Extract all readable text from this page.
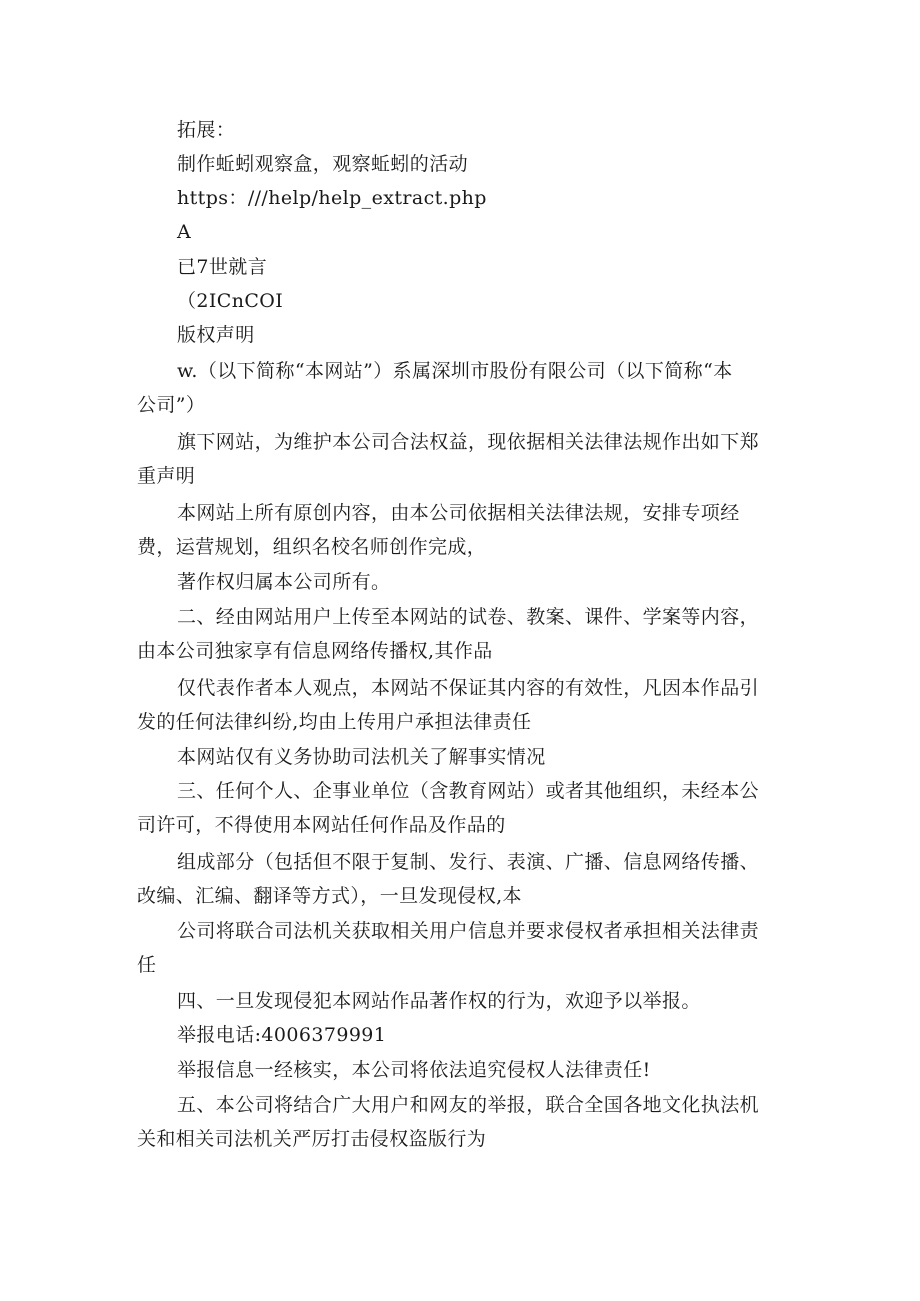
拓展：
制作蚯蚓观察盒，观察蚯蚓的活动
https：///help/help_extract.php
A
已7世就言
（2ICnCOI
版权声明
w.（以下简称“本网站”）系属深圳市股份有限公司（以下简称“本
公司”）
旗下网站，为维护本公司合法权益，现依据相关法律法规作出如下郑
重声明
本网站上所有原创内容，由本公司依据相关法律法规，安排专项经
费，运营规划，组织名校名师创作完成，
著作权归属本公司所有。
二、经由网站用户上传至本网站的试卷、教案、课件、学案等内容，
由本公司独家享有信息网络传播权,其作品
仅代表作者本人观点，本网站不保证其内容的有效性，凡因本作品引
发的任何法律纠纷,均由上传用户承担法律责任
本网站仅有义务协助司法机关了解事实情况
三、任何个人、企事业单位（含教育网站）或者其他组织，未经本公
司许可，不得使用本网站任何作品及作品的
组成部分（包括但不限于复制、发行、表演、广播、信息网络传播、
改编、汇编、翻译等方式），一旦发现侵权,本
公司将联合司法机关获取相关用户信息并要求侵权者承担相关法律责
任
四、一旦发现侵犯本网站作品著作权的行为，欢迎予以举报。
举报电话:4006379991
举报信息一经核实，本公司将依法追究侵权人法律责任!
五、本公司将结合广大用户和网友的举报，联合全国各地文化执法机
关和相关司法机关严厉打击侵权盗版行为
